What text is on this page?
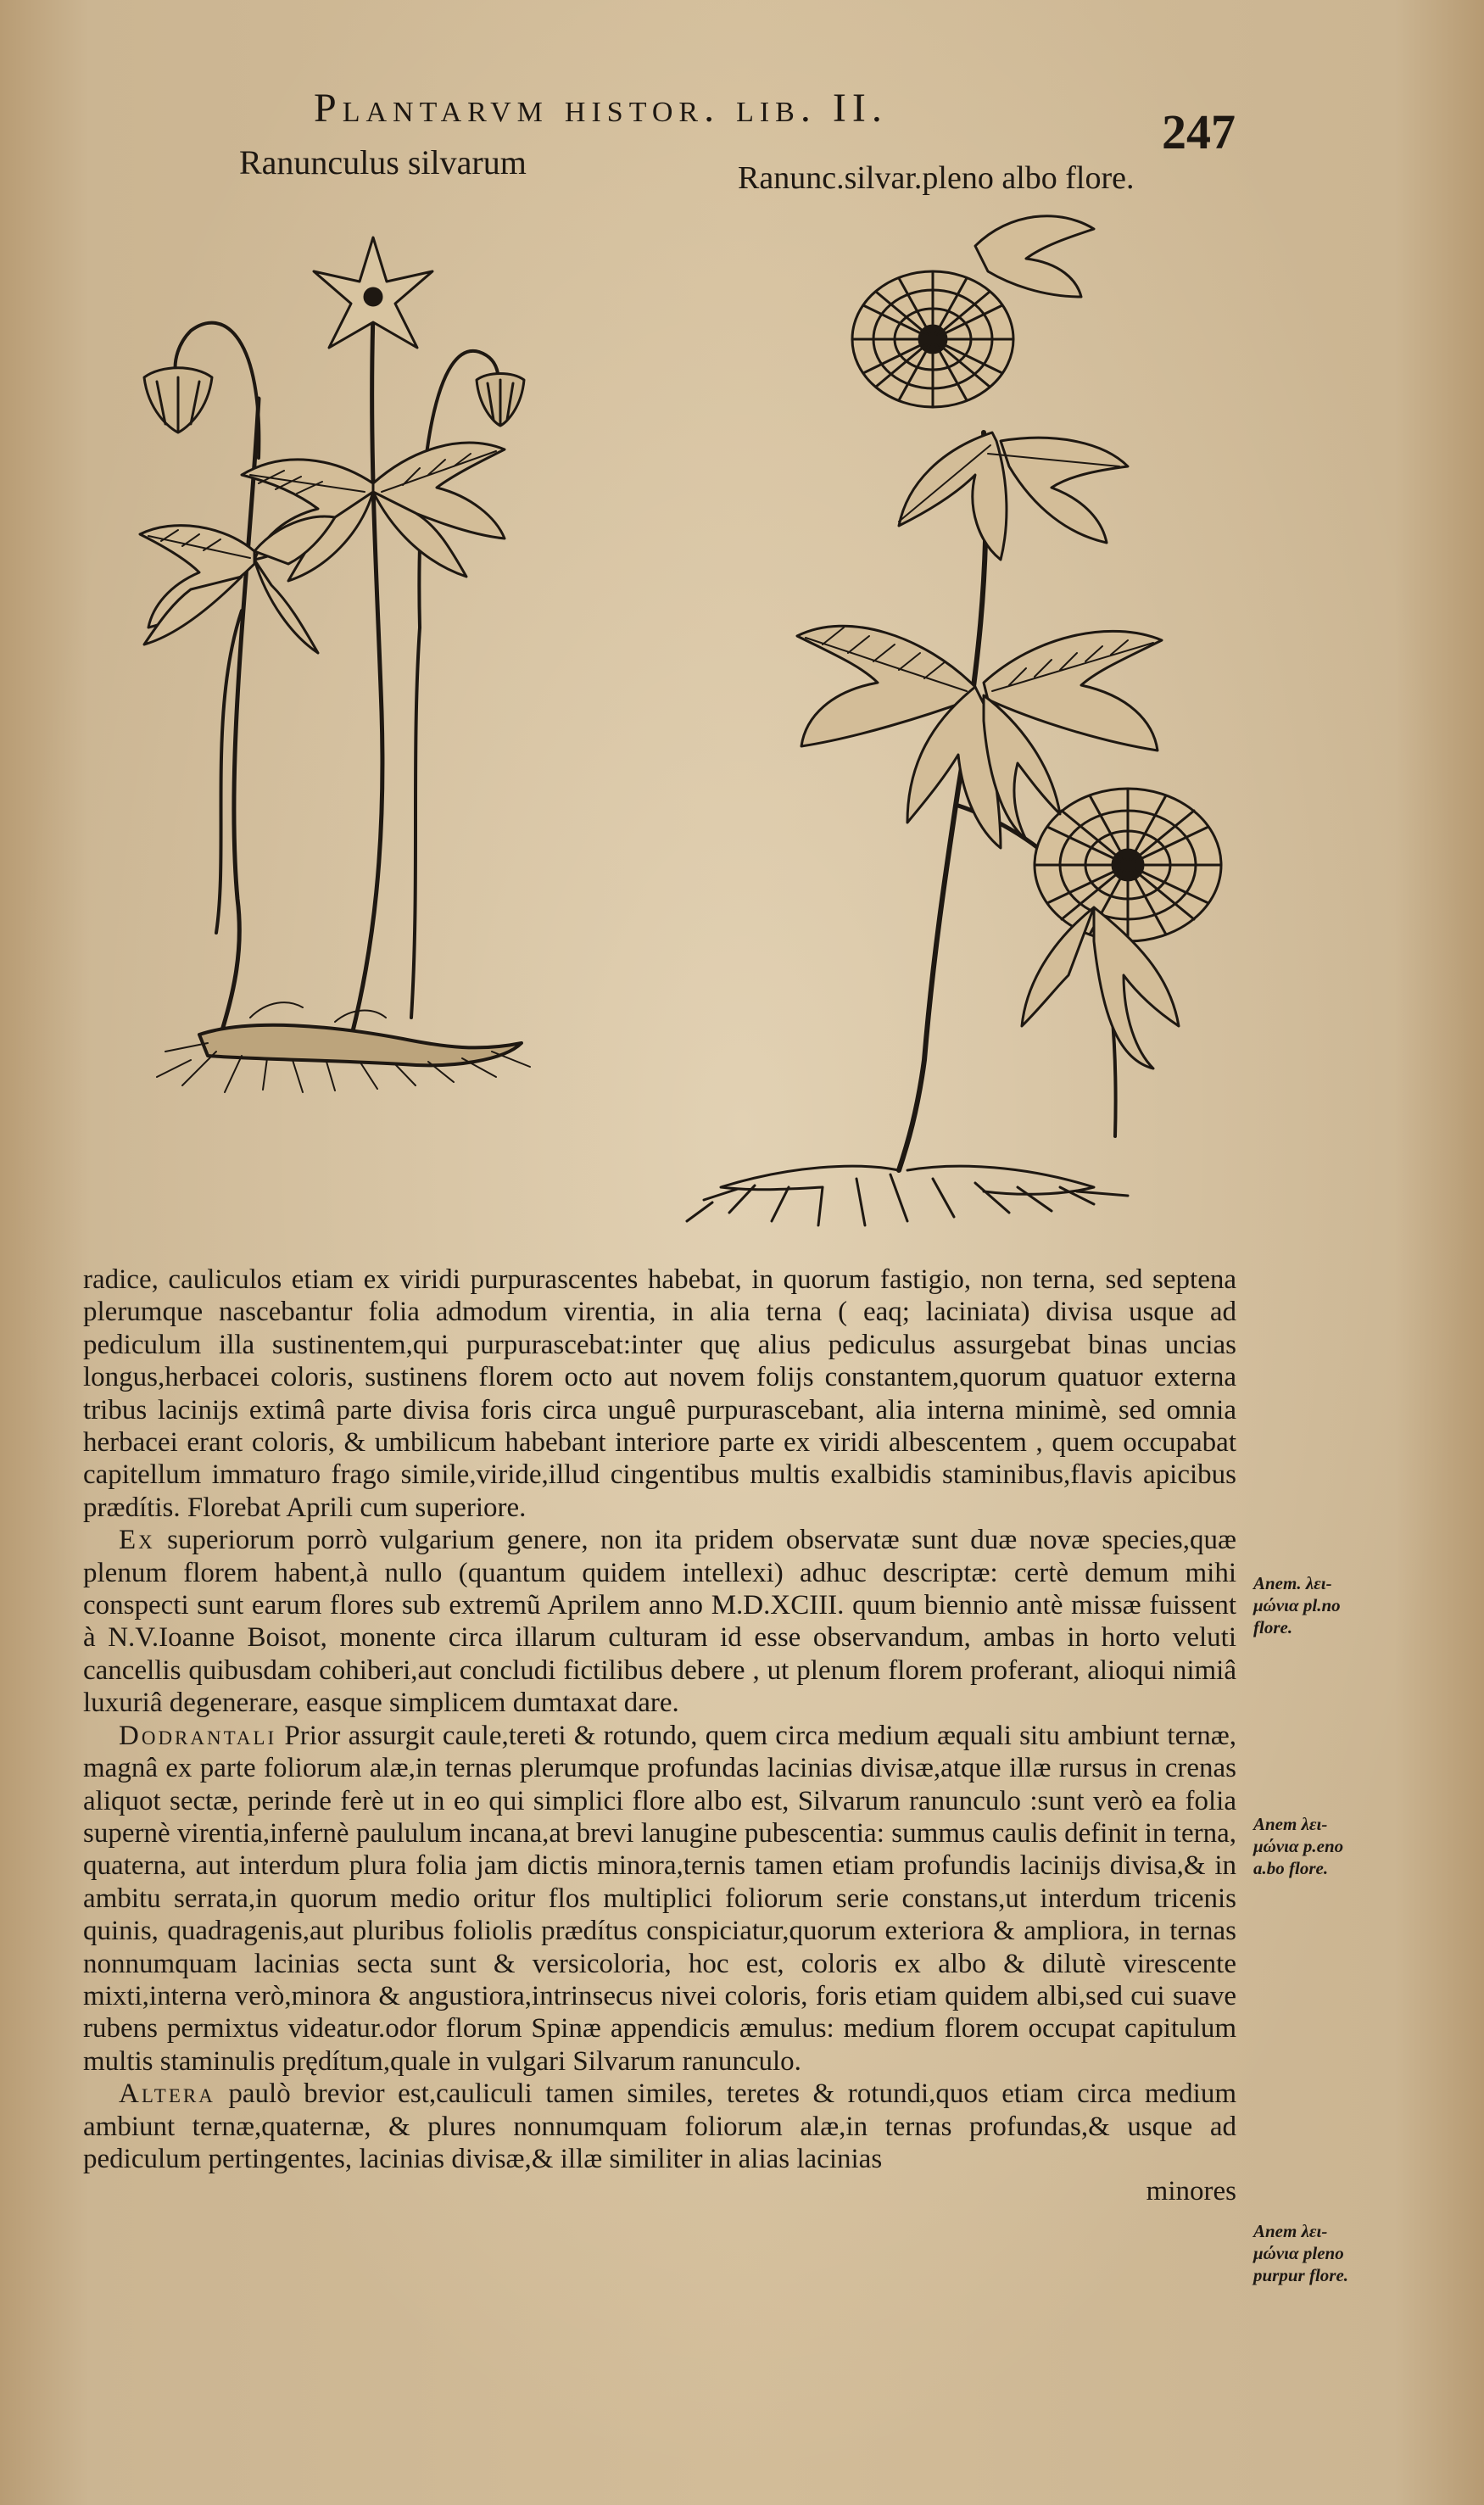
Plantarvm histor. lib. II.	247
Ranunculus silvarum	Ranunc.silvar.pleno albo flore.

radice, cauliculos etiam ex viridi purpurascentes habebat, in quorum fastigio, non terna, sed septena plerumque nascebantur folia admodum virentia, in alia terna ( eaq; laciniata) divisa usque ad pediculum illa sustinentem,qui purpurascebat:inter quę alius pediculus assurgebat binas uncias longus,herbacei coloris, sustinens florem octo aut novem folijs constantem,quorum quatuor externa tribus lacinijs extimâ parte divisa foris circa unguê purpurascebant, alia interna minimè, sed omnia herbacei erant coloris, & umbilicum habebant interiore parte ex viridi albescentem , quem occupabat capitellum immaturo frago simile,viride,illud cingentibus multis exalbidis staminibus,flavis apicibus prædítis. Florebat Aprili cum superiore.

Ex superiorum porrò vulgarium genere, non ita pridem observatæ sunt duæ novæ species,quæ plenum florem habent,à nullo (quantum quidem intellexi) adhuc descriptæ: certè demum mihi conspecti sunt earum flores sub extremũ Aprilem anno M.D.XCIII. quum biennio antè missæ fuissent à N.V.Ioanne Boisot, monente circa illarum culturam id esse observandum, ambas in horto veluti cancellis quibusdam cohiberi,aut concludi fictilibus debere , ut plenum florem proferant, alioqui nimiâ luxuriâ degenerare, easque simplicem dumtaxat dare.

Dodrantali Prior assurgit caule,tereti & rotundo, quem circa medium æquali situ ambiunt ternæ, magnâ ex parte foliorum alæ,in ternas plerumque profundas lacinias divisæ,atque illæ rursus in crenas aliquot sectæ, perinde ferè ut in eo qui simplici flore albo est, Silvarum ranunculo :sunt verò ea folia supernè virentia,infernè paululum incana,at brevi lanugine pubescentia: summus caulis definit in terna, quaterna, aut interdum plura folia jam dictis minora,ternis tamen etiam profundis lacinijs divisa,& in ambitu serrata,in quorum medio oritur flos multiplici foliorum serie constans,ut interdum tricenis quinis, quadragenis,aut pluribus foliolis prædítus conspiciatur,quorum exteriora & ampliora, in ternas nonnumquam lacinias secta sunt & versicoloria, hoc est, coloris ex albo & dilutè virescente mixti,interna verò,minora & angustiora,intrinsecus nivei coloris, foris etiam quidem albi,sed cui suave rubens permixtus videatur.odor florum Spinæ appendicis æmulus: medium florem occupat capitulum multis staminulis prędítum,quale in vulgari Silvarum ranunculo.

Altera paulò brevior est,cauliculi tamen similes, teretes & rotundi,quos etiam circa medium ambiunt ternæ,quaternæ, & plures nonnumquam foliorum alæ,in ternas profundas,& usque ad pediculum pertingentes, lacinias divisæ,& illæ similiter in alias lacinias

minores

Anem. λει- μώνια pl.no flore.
Anem λει- μώνια p.eno a.bo flore.
Anem λει- μώνια pleno purpur flore.
